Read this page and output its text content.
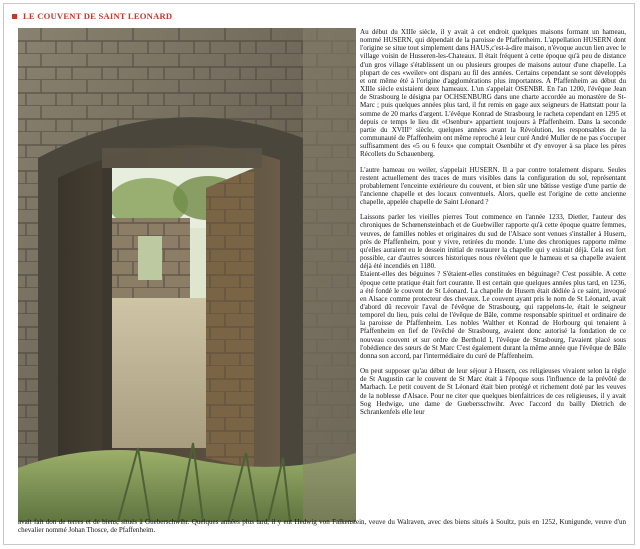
LE COUVENT DE SAINT LEONARD

Au début du XIIIe siècle, il y avait à cet endroit quelques maisons formant un hameau, nommé HUSERN, qui dépendait de la paroisse de Pfaffenheim. L'appellation HUSERN dont l'origine se situe tout simplement dans HAUS,c'est-à-dire maison, n'évoque aucun lien avec le village voisin de Husseren-les-Chateaux. Il était fréquent à cette époque qu'à peu de distance d'un gros village s'établissent un ou plusieurs groupes de maisons autour d'une chapelle. La plupart de ces «weiler» ont disparu au fil des années. Certains cependant se sont développés et ont même été à l'origine d'agglomérations plus importantes. A Pfaffenheim au début du XIIIe siècle existaient deux hameaux. L'un s'appelait OSENBR. En l'an 1200, l'évêque Jean de Strasbourg le désigna par OCHSENBURG dans une charte accordée au monastère de St-Marc ; puis quelques années plus tard, il fut remis en gage aux seigneurs de Hattstatt pour la somme de 20 marks d'argent. L'évêque Konrad de Strasbourg le racheta cependant en 1295 et depuis ce temps le lieu dit «Osenbur» appartient toujours à Pfaffenheim. Dans la seconde partie du XVIII° siècle, quelques années avant la Révolution, les responsables de la communauté de Pfaffenheim ont même reproché à leur curé André Muller de ne pas s'occuper suffisamment des «5 ou 6 feux» que comptait Osenbühr et d'y envoyer à sa place les pères Récollets du Schauenberg.

L'autre hameau ou weiler, s'appelait HUSERN. Il a par contre totalement disparu. Seules restent actuellement des traces de murs visibles dans la configuration du sol, représentant probablement l'enceinte extérieure du couvent, et bien sûr une bâtisse vestige d'une partie de l'ancienne chapelle et des locaux conventuels. Alors, quelle est l'origine de cette ancienne chapelle, appelée chapelle de Saint Léonard ?

Laissons parler les vieilles pierres Tout commence en l'année 1233, Dietler, l'auteur des chroniques de Schœnensteinbach et de Guebwiller rapporte qu'à cette époque quatre femmes, veuves, de familles nobles et originaires du sud de l'Alsace sont venues s'installer à Husern, près de Pfaffenheim, pour y vivre, retirées du monde. L'une des chroniques rapporte même qu'elles auraient eu le dessein initial de restaurer la chapelle qui y existait déjà. Cela est fort possible, car d'autres sources historiques nous révèlent que le hameau et sa chapelle avaient déjà été incendiés en 1180.

Etaient-elles des béguines ? S'étaient-elles constituées en béguinage? C'est possible. A cette époque cette pratique était fort courante. Il est certain que quelques années plus tard, en 1236, a été fondé le couvent de St Léonard. La chapelle de Husern était dédiée à ce saint, invoqué en Alsace comme protecteur des chevaux. Le couvent ayant pris le nom de St Léonard, avait d'abord dû recevoir l'aval de l'évêque de Strasbourg, qui rappelons-le, était le seigneur temporel du lieu, puis celui de l'évêque de Bâle, comme responsable spirituel et ordinaire de la paroisse de Pfaffenheim. Les nobles Walther et Konrad de Horbourg qui tenaient à Pfaffenheim en fief de l'évêché de Strasbourg, avaient donc autorisé la fondation de ce nouveau couvent et sur ordre de Berthold I, l'évêque de Strasbourg, l'avaient placé sous l'obédience des sœurs de St Marc C'est également durant la même année que l'évêque de Bâle donna son accord, par l'intermédiaire du curé de Pfaffenheim.

On peut supposer qu'au début de leur séjour à Husern, ces religieuses vivaient selon la règle de St Augustin car le couvent de St Marc était à l'époque sous l'influence de la prévôté de Marbach. Le petit couvent de St Léonard était bien protégé et richement doté par les veuves de la noblesse d'Alsace. Pour ne citer que quelques bienfaitrices de ces religieuses, il y avait Sog Hedwige, une dame de Guebersschwihr. Avec l'accord du bailly Dietrich de Schrankenfels elle leur

avait fait don de terres et de biens, situés à Gueberschwihr. Quelques années plus tard, il y eut Hedwig von Falkenstein, veuve du Walraven, avec des biens situés à Soultz, puis en 1252, Kunigunde, veuve d'un chevalier nommé Johan Thosce, de Pfaffenheim.
